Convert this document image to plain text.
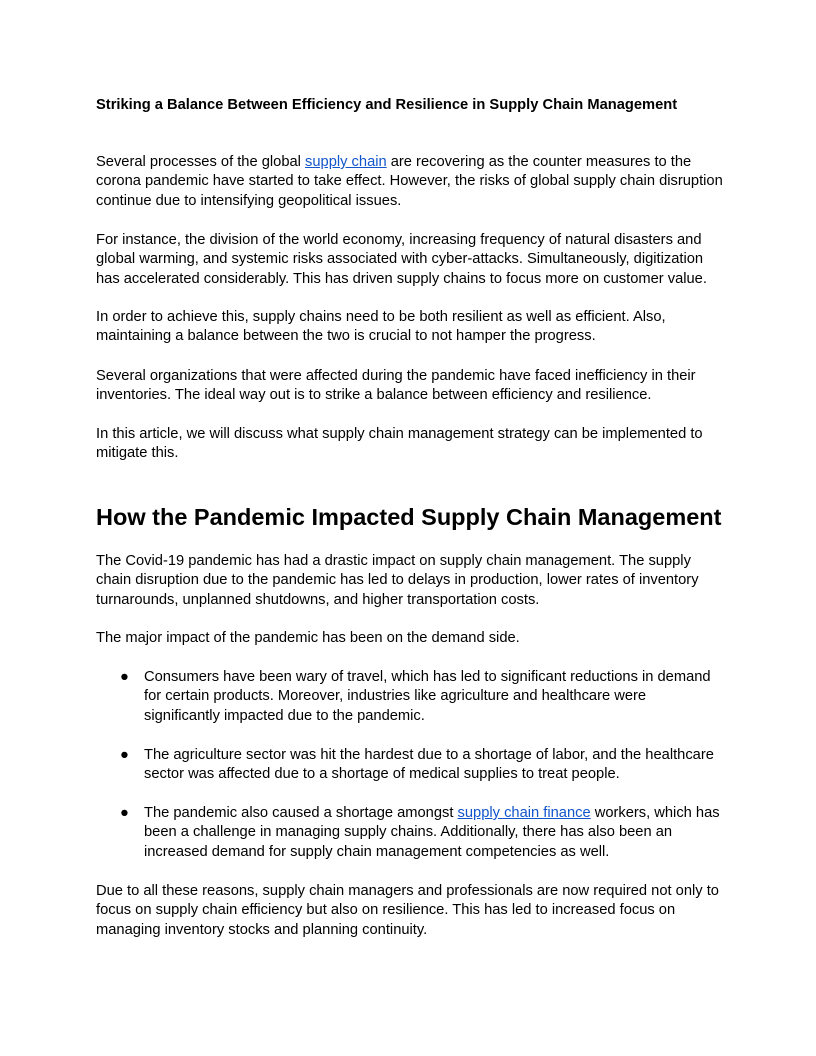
Striking a Balance Between Efficiency and Resilience in Supply Chain Management

Several processes of the global supply chain are recovering as the counter measures to the corona pandemic have started to take effect. However, the risks of global supply chain disruption continue due to intensifying geopolitical issues.

For instance, the division of the world economy, increasing frequency of natural disasters and global warming, and systemic risks associated with cyber-attacks. Simultaneously, digitization has accelerated considerably. This has driven supply chains to focus more on customer value.

In order to achieve this, supply chains need to be both resilient as well as efficient. Also, maintaining a balance between the two is crucial to not hamper the progress.

Several organizations that were affected during the pandemic have faced inefficiency in their inventories. The ideal way out is to strike a balance between efficiency and resilience.

In this article, we will discuss what supply chain management strategy can be implemented to mitigate this.

How the Pandemic Impacted Supply Chain Management

The Covid-19 pandemic has had a drastic impact on supply chain management. The supply chain disruption due to the pandemic has led to delays in production, lower rates of inventory turnarounds, unplanned shutdowns, and higher transportation costs.

The major impact of the pandemic has been on the demand side.

● Consumers have been wary of travel, which has led to significant reductions in demand for certain products. Moreover, industries like agriculture and healthcare were significantly impacted due to the pandemic.
● The agriculture sector was hit the hardest due to a shortage of labor, and the healthcare sector was affected due to a shortage of medical supplies to treat people.
● The pandemic also caused a shortage amongst supply chain finance workers, which has been a challenge in managing supply chains. Additionally, there has also been an increased demand for supply chain management competencies as well.

Due to all these reasons, supply chain managers and professionals are now required not only to focus on supply chain efficiency but also on resilience. This has led to increased focus on managing inventory stocks and planning continuity.
